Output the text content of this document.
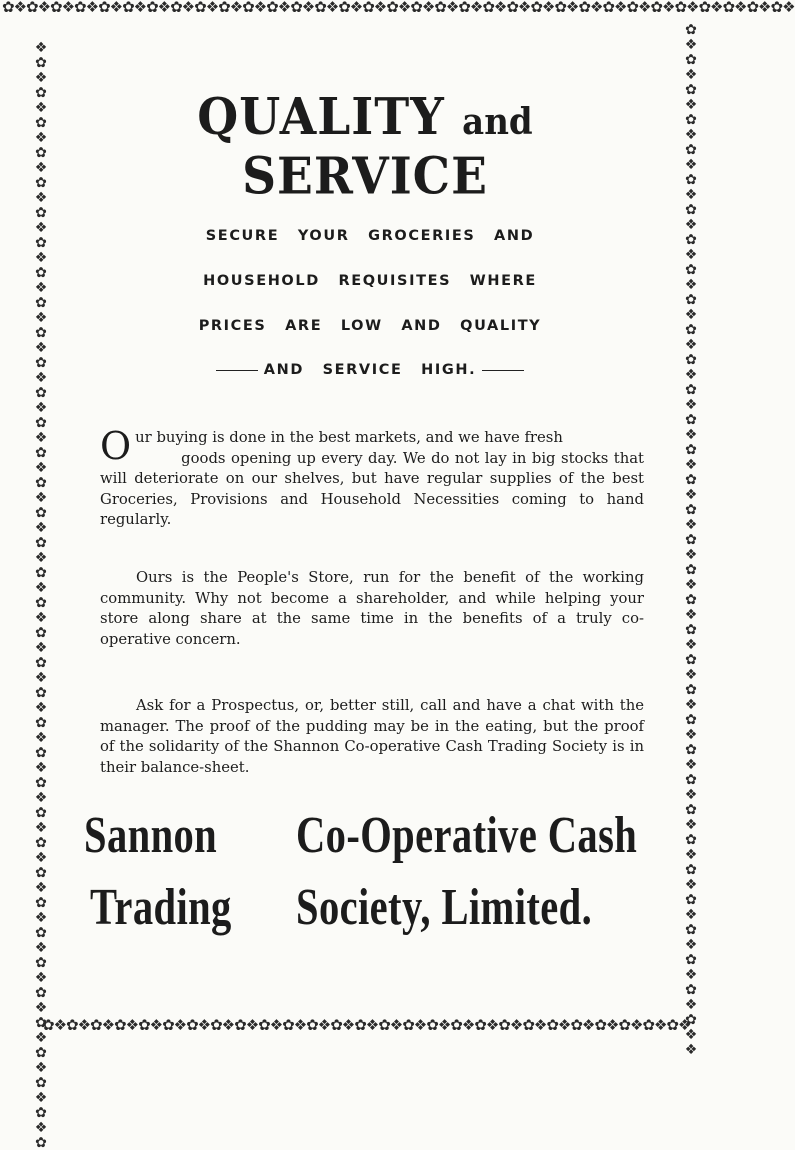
✿❖✿❖✿❖✿❖✿❖✿❖✿❖✿❖✿❖✿❖✿❖✿❖✿❖✿❖✿❖✿❖✿❖✿❖✿❖✿❖✿❖✿❖✿❖✿❖✿❖✿❖✿❖✿❖✿❖✿❖✿❖✿❖✿❖
❖✿❖✿❖✿❖✿❖✿❖✿❖✿❖✿❖✿❖✿❖✿❖✿❖✿❖✿❖✿❖✿❖✿❖✿❖✿❖✿❖✿❖✿❖✿❖✿❖✿❖✿❖✿❖✿❖✿❖✿❖✿❖✿❖✿❖✿❖✿❖✿❖✿	✿❖✿❖✿❖✿❖✿❖✿❖✿❖✿❖✿❖✿❖✿❖✿❖✿❖✿❖✿❖✿❖✿❖✿❖✿❖✿❖✿❖✿❖✿❖✿❖✿❖✿❖✿❖✿❖✿❖✿❖✿❖✿❖✿❖✿❖❖
✿❖✿❖✿❖✿❖✿❖✿❖✿❖✿❖✿❖✿❖✿❖✿❖✿❖✿❖✿❖✿❖✿❖✿❖✿❖✿❖✿❖✿❖✿❖✿❖✿❖✿❖✿❖
QUALITY and SERVICE

SECURE YOUR GROCERIES AND

HOUSEHOLD REQUISITES WHERE

PRICES ARE LOW AND QUALITY

AND SERVICE HIGH.

Our buying is done in the best markets, and we have fresh
goods opening up every day. We do not lay in big stocks that will deteriorate on our shelves, but have regular supplies of the best Groceries, Provisions and Household Necessities coming to hand regularly.

Ours is the People's Store, run for the benefit of the working community. Why not become a shareholder, and while helping your store along share at the same time in the benefits of a truly co-operative concern.

Ask for a Prospectus, or, better still, call and have a chat with the manager. The proof of the pudding may be in the eating, but the proof of the solidarity of the Shannon Co-operative Cash Trading Society is in their balance-sheet.

Sannon Co-Operative Cash

Trading Society, Limited.
